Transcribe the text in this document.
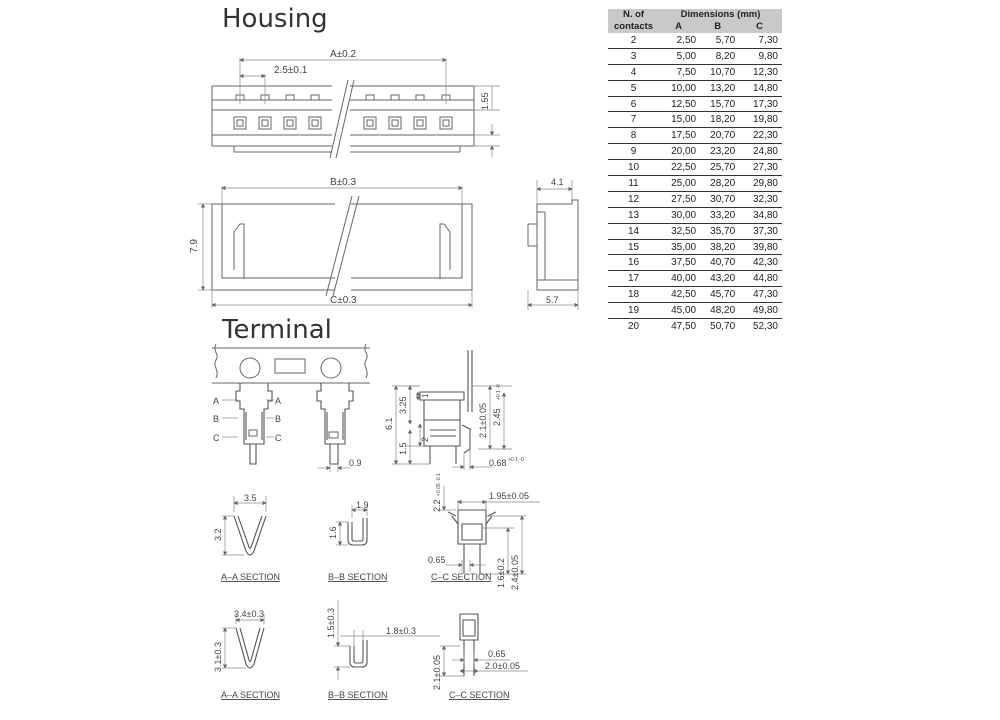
Housing
Terminal
A±0.2
2.5±0.1
1.55
B±0.3
C±0.3
7.9
4.1
5.7
A	A
B	B
C	C
0.9
6.1
3.25
1
1.5
2
2.1±0.05 2.45
+0.1 -0
0.68 +0.1 -0
3.5
3.2
A–A SECTION
1.9
1.6
B–B SECTION
1.95±0.05
2.2
+0.05 -0.1
0.65	1.6±0.2 2.4±0.05
C–C SECTION
3.4±0.3
3.1±0.3
A–A SECTION
1.8±0.3
1.5±0.3
B–B SECTION
0.65
2.0±0.05
2.1±0.05
C–C SECTION
N. of contacts	Dimensions (mm)		
	A	B	C
2	2,50	5,70	7,30
3	5,00	8,20	9,80
4	7,50	10,70	12,30
5	10,00	13,20	14,80
6	12,50	15,70	17,30
7	15,00	18,20	19,80
8	17,50	20,70	22,30
9	20,00	23,20	24,80
10	22,50	25,70	27,30
11	25,00	28,20	29,80
12	27,50	30,70	32,30
13	30,00	33,20	34,80
14	32,50	35,70	37,30
15	35,00	38,20	39,80
16	37,50	40,70	42,30
17	40,00	43,20	44,80
18	42,50	45,70	47,30
19	45,00	48,20	49,80
20	47,50	50,70	52,30
